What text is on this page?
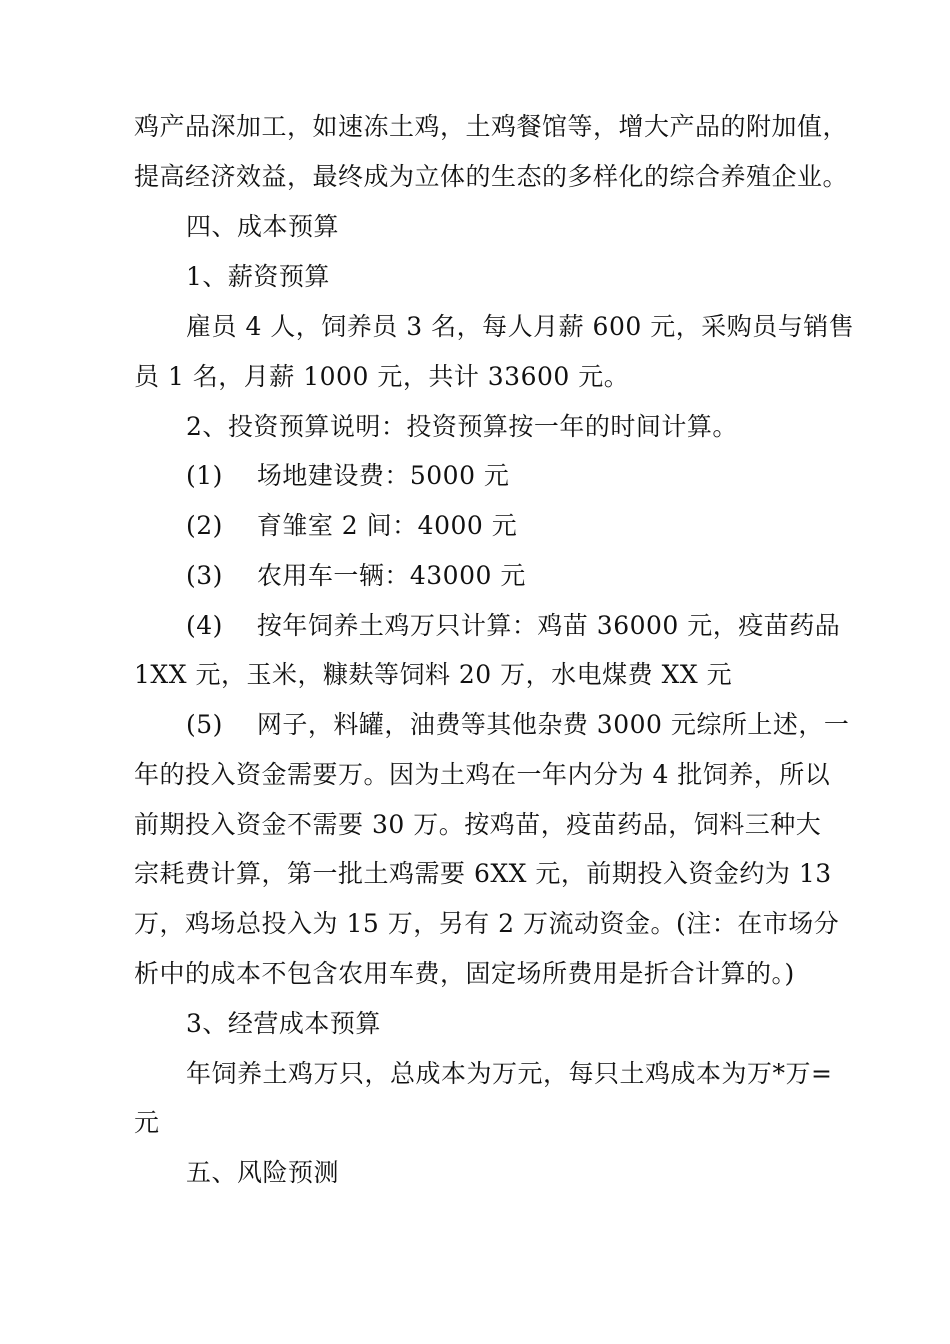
鸡产品深加工，如速冻土鸡，土鸡餐馆等，增大产品的附加值，
提高经济效益，最终成为立体的生态的多样化的综合养殖企业。
四、成本预算
1、薪资预算
雇员 4 人，饲养员 3 名，每人月薪 600 元，采购员与销售
员 1 名，月薪 1000 元，共计 33600 元。
2、投资预算说明：投资预算按一年的时间计算。
(1)　 场地建设费：5000 元
(2)　 育雏室 2 间：4000 元
(3)　 农用车一辆：43000 元
(4)　 按年饲养土鸡万只计算：鸡苗 36000 元，疫苗药品
1XX 元，玉米，糠麸等饲料 20 万，水电煤费 XX 元
(5)　 网子，料罐，油费等其他杂费 3000 元综所上述，一
年的投入资金需要万。因为土鸡在一年内分为 4 批饲养，所以
前期投入资金不需要 30 万。按鸡苗，疫苗药品，饲料三种大
宗耗费计算，第一批土鸡需要 6XX 元，前期投入资金约为 13
万，鸡场总投入为 15 万，另有 2 万流动资金。(注：在市场分
析中的成本不包含农用车费，固定场所费用是折合计算的。)
3、经营成本预算
年饲养土鸡万只，总成本为万元，每只土鸡成本为万*万=
元
五、风险预测
